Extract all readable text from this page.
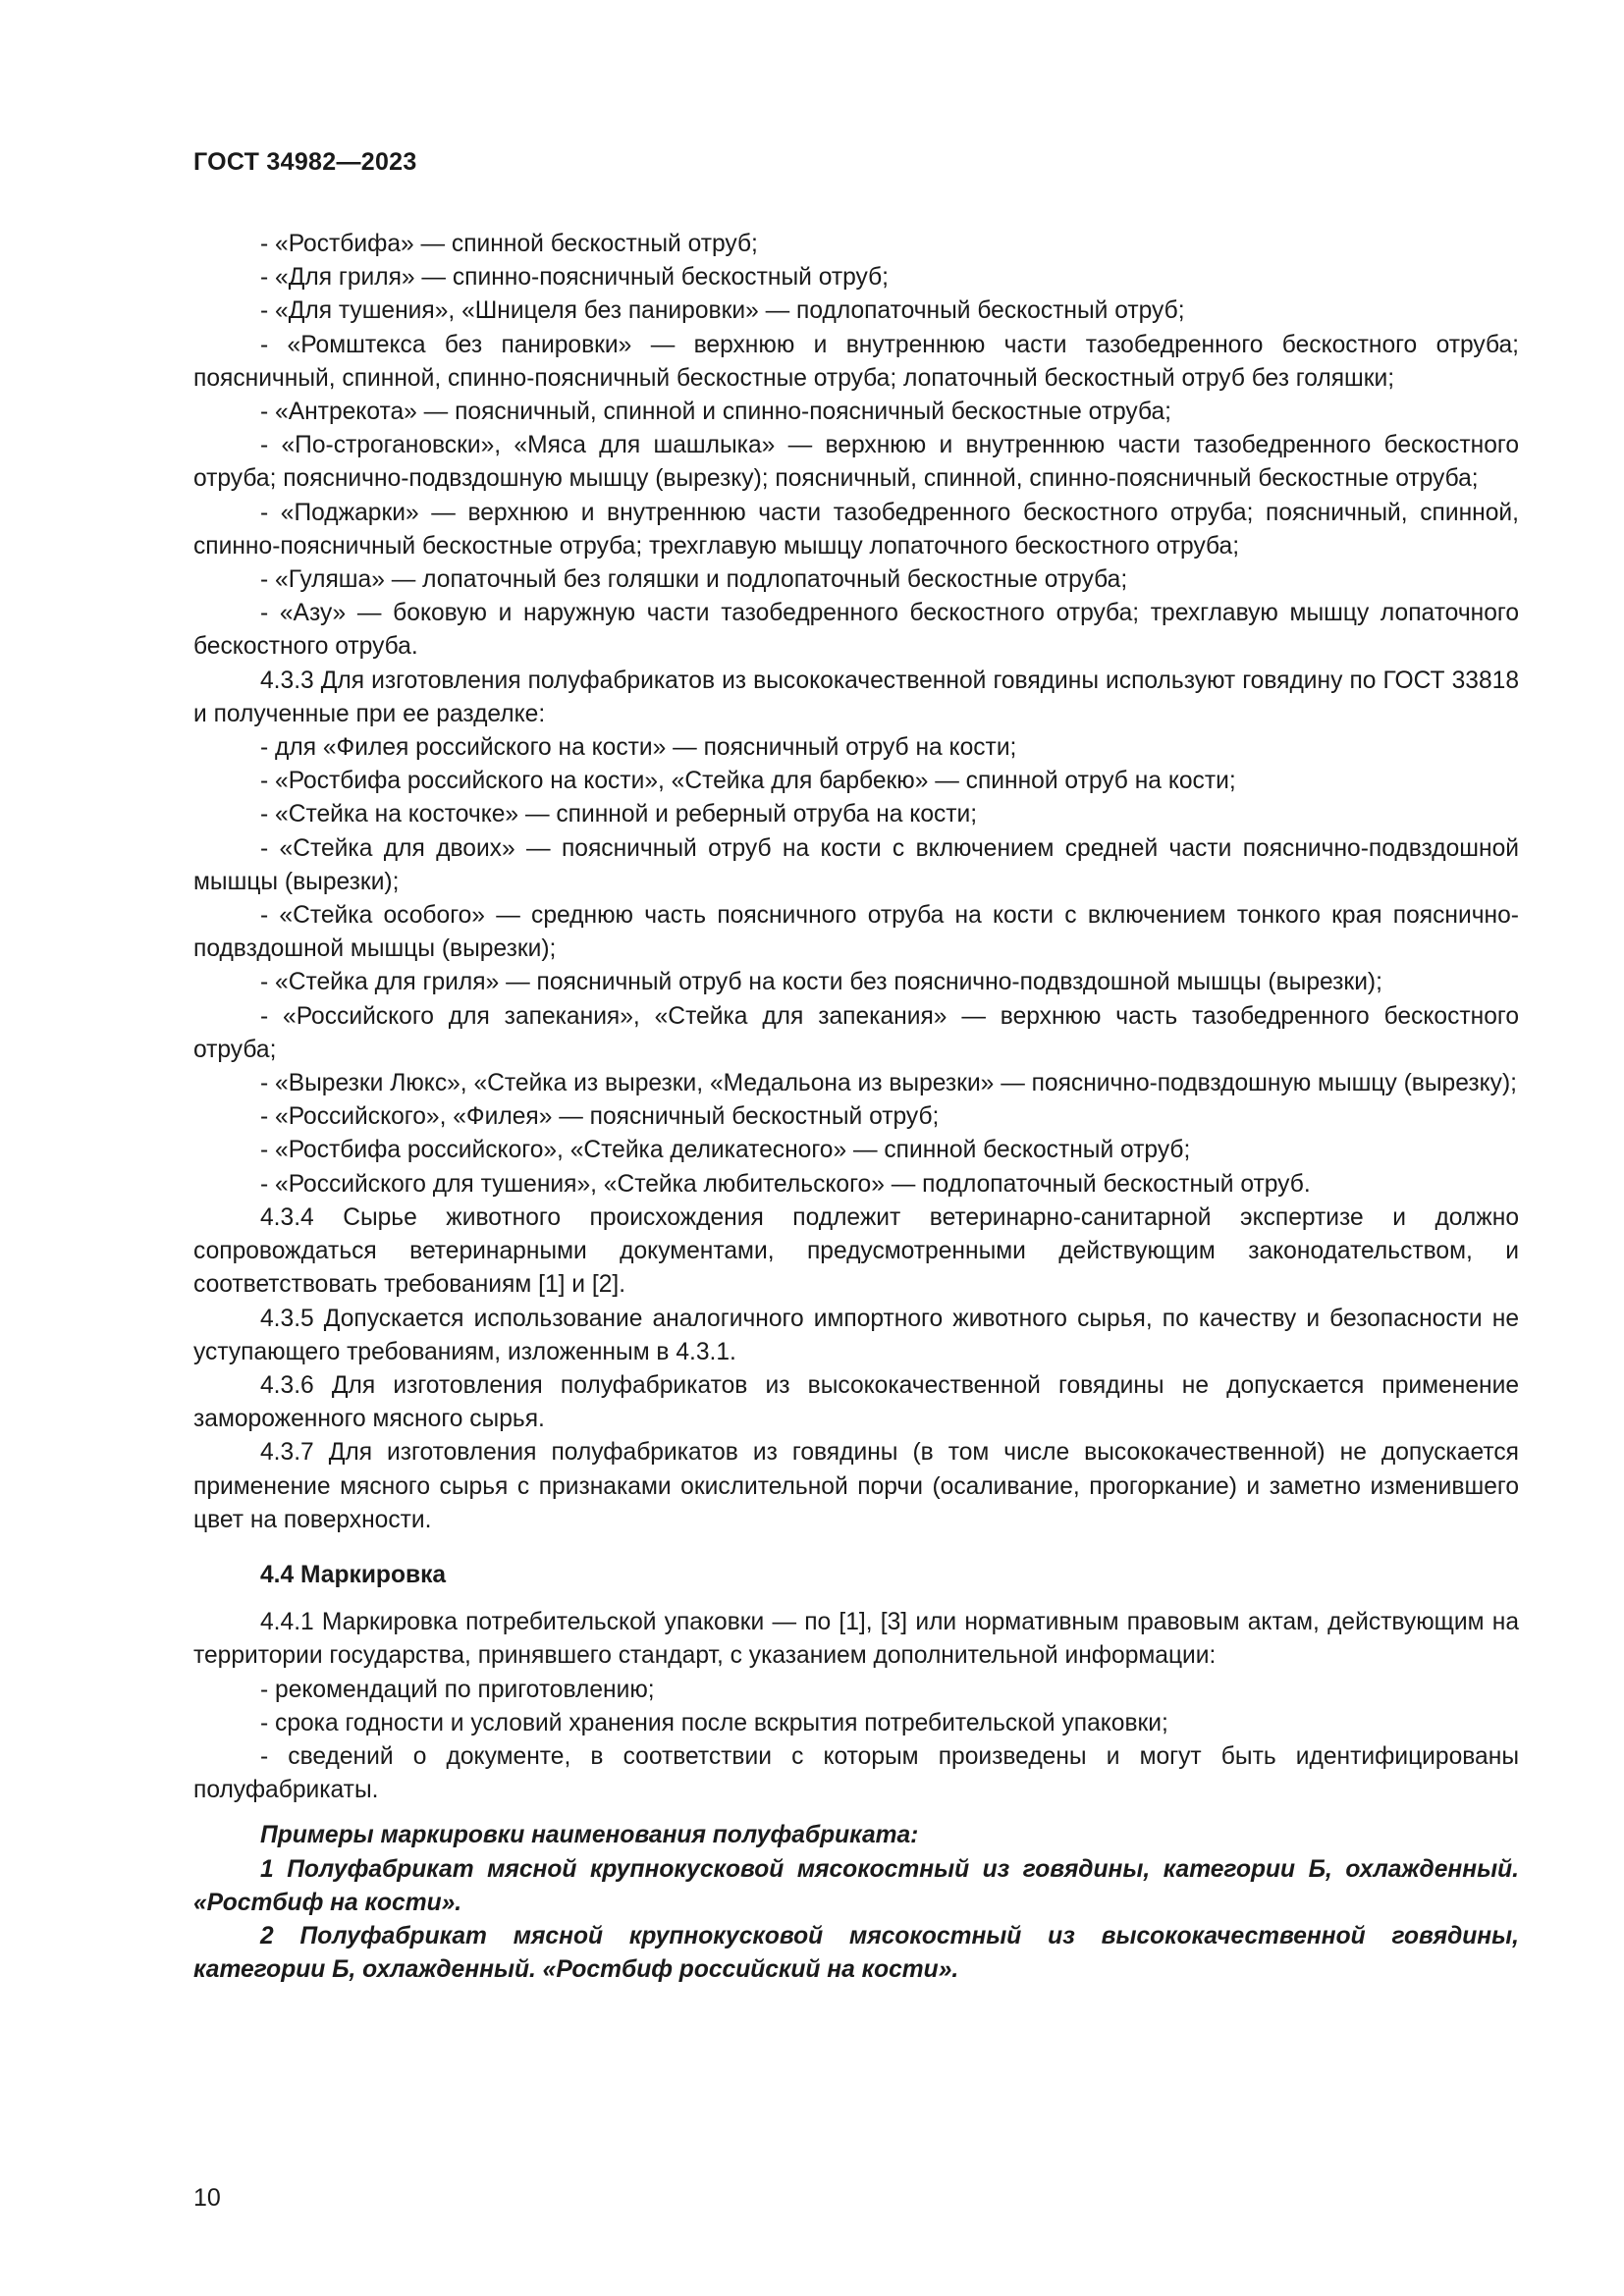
ГОСТ 34982—2023

- «Ростбифа» — спинной бескостный отруб;

- «Для гриля» — спинно-поясничный бескостный отруб;

- «Для тушения», «Шницеля без панировки» — подлопаточный бескостный отруб;

- «Ромштекса без панировки» — верхнюю и внутреннюю части тазобедренного бескостного отруба; поясничный, спинной, спинно-поясничный бескостные отруба; лопаточный бескостный отруб без голяшки;

- «Антрекота» — поясничный, спинной и спинно-поясничный бескостные отруба;

- «По-строгановски», «Мяса для шашлыка» — верхнюю и внутреннюю части тазобедренного бескостного отруба; пояснично-подвздошную мышцу (вырезку); поясничный, спинной, спинно-поясничный бескостные отруба;

- «Поджарки» — верхнюю и внутреннюю части тазобедренного бескостного отруба; поясничный, спинной, спинно-поясничный бескостные отруба; трехглавую мышцу лопаточного бескостного отруба;

- «Гуляша» — лопаточный без голяшки и подлопаточный бескостные отруба;

- «Азу» — боковую и наружную части тазобедренного бескостного отруба; трехглавую мышцу лопаточного бескостного отруба.

4.3.3 Для изготовления полуфабрикатов из высококачественной говядины используют говядину по ГОСТ 33818 и полученные при ее разделке:

- для «Филея российского на кости» — поясничный отруб на кости;

- «Ростбифа российского на кости», «Стейка для барбекю» — спинной отруб на кости;

- «Стейка на косточке» — спинной и реберный отруба на кости;

- «Стейка для двоих» — поясничный отруб на кости с включением средней части пояснично-подвздошной мышцы (вырезки);

- «Стейка особого» — среднюю часть поясничного отруба на кости с включением тонкого края пояснично-подвздошной мышцы (вырезки);

- «Стейка для гриля» — поясничный отруб на кости без пояснично-подвздошной мышцы (вырезки);

- «Российского для запекания», «Стейка для запекания» — верхнюю часть тазобедренного бескостного отруба;

- «Вырезки Люкс», «Стейка из вырезки, «Медальона из вырезки» — пояснично-подвздошную мышцу (вырезку);

- «Российского», «Филея» — поясничный бескостный отруб;

- «Ростбифа российского», «Стейка деликатесного» — спинной бескостный отруб;

- «Российского для тушения», «Стейка любительского» — подлопаточный бескостный отруб.

4.3.4 Сырье животного происхождения подлежит ветеринарно-санитарной экспертизе и должно сопровождаться ветеринарными документами, предусмотренными действующим законодательством, и соответствовать требованиям [1] и [2].

4.3.5 Допускается использование аналогичного импортного животного сырья, по качеству и безопасности не уступающего требованиям, изложенным в 4.3.1.

4.3.6 Для изготовления полуфабрикатов из высококачественной говядины не допускается применение замороженного мясного сырья.

4.3.7 Для изготовления полуфабрикатов из говядины (в том числе высококачественной) не допускается применение мясного сырья с признаками окислительной порчи (осаливание, прогоркание) и заметно изменившего цвет на поверхности.

4.4 Маркировка

4.4.1 Маркировка потребительской упаковки — по [1], [3] или нормативным правовым актам, действующим на территории государства, принявшего стандарт, с указанием дополнительной информации:

- рекомендаций по приготовлению;

- срока годности и условий хранения после вскрытия потребительской упаковки;

- сведений о документе, в соответствии с которым произведены и могут быть идентифицированы полуфабрикаты.

Примеры маркировки наименования полуфабриката:

1 Полуфабрикат мясной крупнокусковой мясокостный из говядины, категории Б, охлажденный. «Ростбиф на кости».

2 Полуфабрикат мясной крупнокусковой мясокостный из высококачественной говядины, категории Б, охлажденный. «Ростбиф российский на кости».

10
